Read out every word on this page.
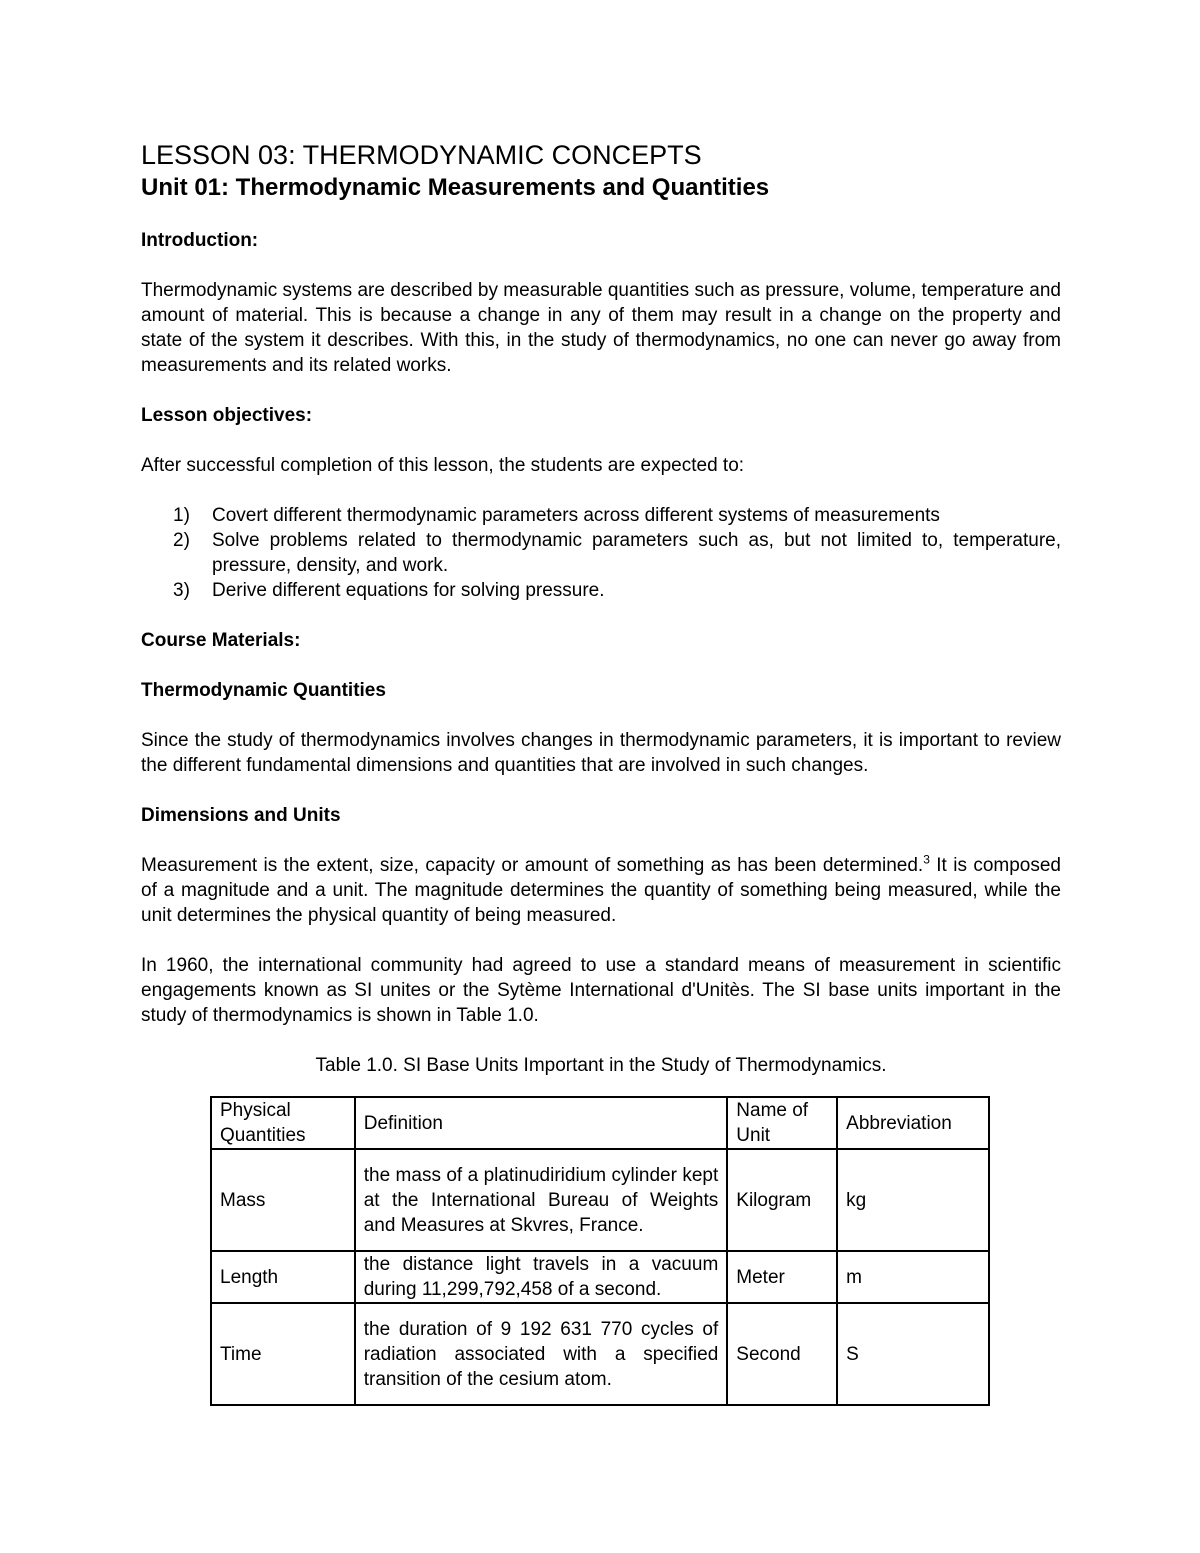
LESSON 03: THERMODYNAMIC CONCEPTS
Unit 01: Thermodynamic Measurements and Quantities

Introduction:

Thermodynamic systems are described by measurable quantities such as pressure, volume, temperature and amount of material. This is because a change in any of them may result in a change on the property and state of the system it describes. With this, in the study of thermodynamics, no one can never go away from measurements and its related works.

Lesson objectives:

After successful completion of this lesson, the students are expected to:

1) Covert different thermodynamic parameters across different systems of measurements
2) Solve problems related to thermodynamic parameters such as, but not limited to, temperature, pressure, density, and work.
3) Derive different equations for solving pressure.

Course Materials:

Thermodynamic Quantities

Since the study of thermodynamics involves changes in thermodynamic parameters, it is important to review the different fundamental dimensions and quantities that are involved in such changes.

Dimensions and Units

Measurement is the extent, size, capacity or amount of something as has been determined.$^3$ It is composed of a magnitude and a unit. The magnitude determines the quantity of something being measured, while the unit determines the physical quantity of being measured.

In 1960, the international community had agreed to use a standard means of measurement in scientific engagements known as SI unites or the Sytème International d'Unitès. The SI base units important in the study of thermodynamics is shown in Table 1.0.

Table 1.0. SI Base Units Important in the Study of Thermodynamics.

Physical Quantities	Definition	Name of Unit	Abbreviation
Mass	the mass of a platinudiridium cylinder kept at the International Bureau of Weights and Measures at Skvres, France.	Kilogram	kg
Length	the distance light travels in a vacuum during 11,299,792,458 of a second.	Meter	m
Time	the duration of 9 192 631 770 cycles of radiation associated with a specified transition of the cesium atom.	Second	S
